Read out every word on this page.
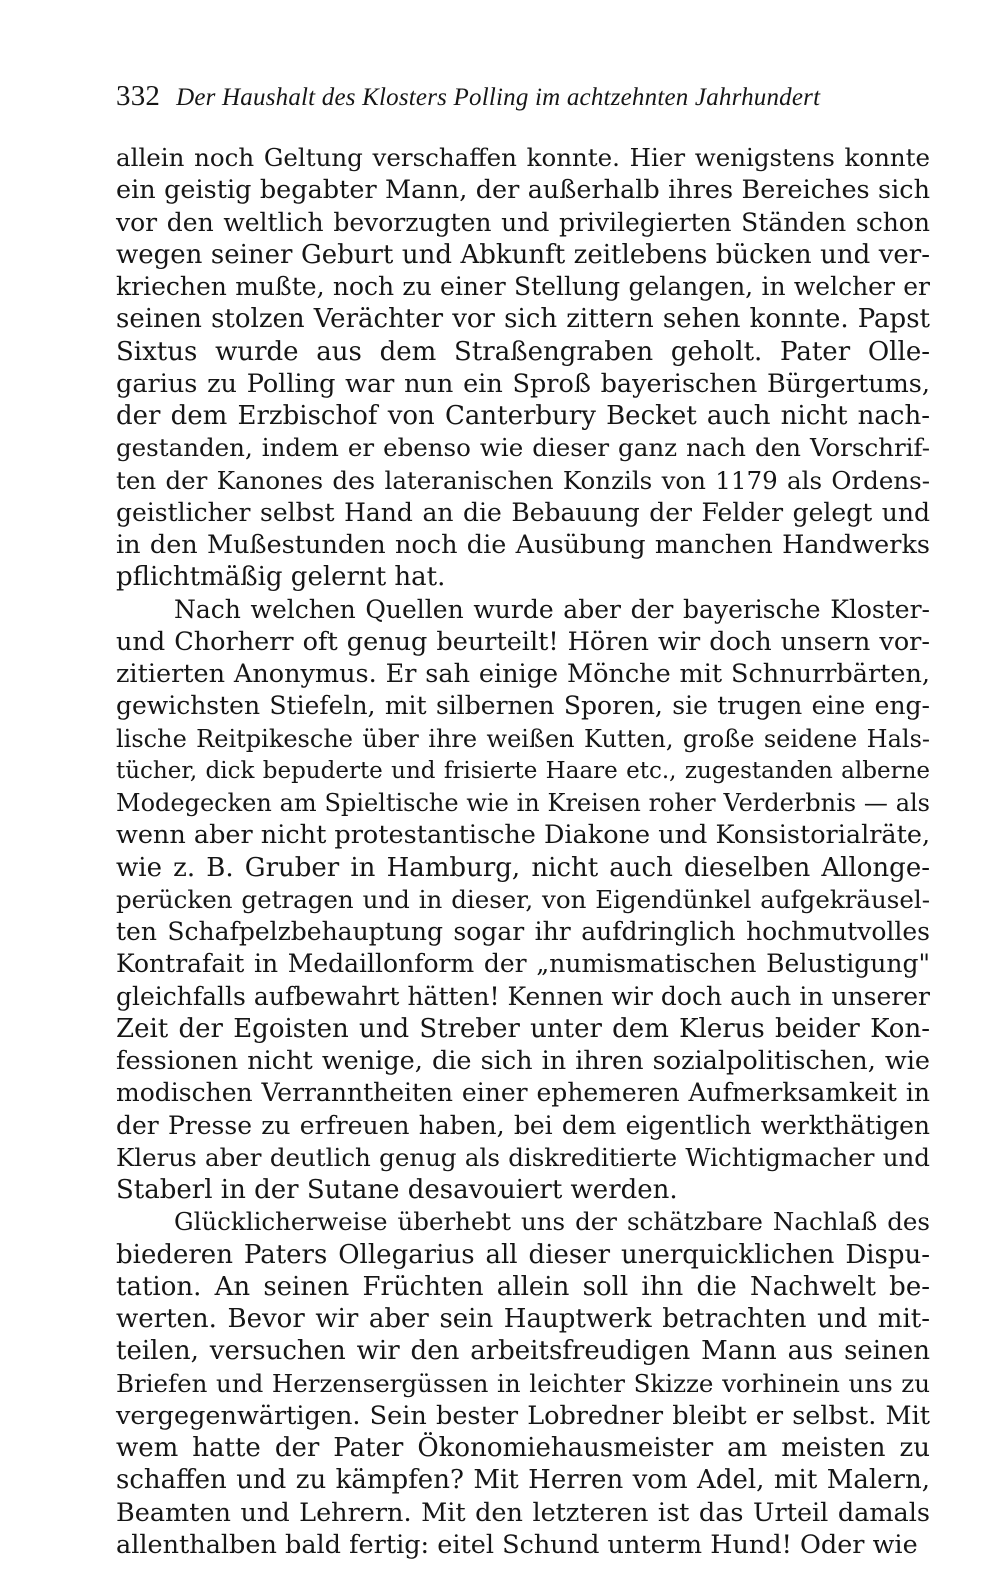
332 Der Haushalt des Klosters Polling im achtzehnten Jahrhundert
allein noch Geltung verschaffen konnte. Hier wenigstens konnte
ein geistig begabter Mann, der außerhalb ihres Bereiches sich
vor den weltlich bevorzugten und privilegierten Ständen schon
wegen seiner Geburt und Abkunft zeitlebens bücken und ver-
kriechen mußte, noch zu einer Stellung gelangen, in welcher er
seinen stolzen Verächter vor sich zittern sehen konnte. Papst
Sixtus wurde aus dem Straßengraben geholt. Pater Olle-
garius zu Polling war nun ein Sproß bayerischen Bürgertums,
der dem Erzbischof von Canterbury Becket auch nicht nach-
gestanden, indem er ebenso wie dieser ganz nach den Vorschrif-
ten der Kanones des lateranischen Konzils von 1179 als Ordens-
geistlicher selbst Hand an die Bebauung der Felder gelegt und
in den Mußestunden noch die Ausübung manchen Handwerks
pflichtmäßig gelernt hat.
Nach welchen Quellen wurde aber der bayerische Kloster-
und Chorherr oft genug beurteilt! Hören wir doch unsern vor-
zitierten Anonymus. Er sah einige Mönche mit Schnurrbärten,
gewichsten Stiefeln, mit silbernen Sporen, sie trugen eine eng-
lische Reitpikesche über ihre weißen Kutten, große seidene Hals-
tücher, dick bepuderte und frisierte Haare etc., zugestanden alberne
Modegecken am Spieltische wie in Kreisen roher Verderbnis — als
wenn aber nicht protestantische Diakone und Konsistorialräte,
wie z. B. Gruber in Hamburg, nicht auch dieselben Allonge-
perücken getragen und in dieser, von Eigendünkel aufgekräusel-
ten Schafpelzbehauptung sogar ihr aufdringlich hochmutvolles
Kontrafait in Medaillonform der „numismatischen Belustigung"
gleichfalls aufbewahrt hätten! Kennen wir doch auch in unserer
Zeit der Egoisten und Streber unter dem Klerus beider Kon-
fessionen nicht wenige, die sich in ihren sozialpolitischen, wie
modischen Verranntheiten einer ephemeren Aufmerksamkeit in
der Presse zu erfreuen haben, bei dem eigentlich werkthätigen
Klerus aber deutlich genug als diskreditierte Wichtigmacher und
Staberl in der Sutane desavouiert werden.
Glücklicherweise überhebt uns der schätzbare Nachlaß des
biederen Paters Ollegarius all dieser unerquicklichen Dispu-
tation. An seinen Früchten allein soll ihn die Nachwelt be-
werten. Bevor wir aber sein Hauptwerk betrachten und mit-
teilen, versuchen wir den arbeitsfreudigen Mann aus seinen
Briefen und Herzensergüssen in leichter Skizze vorhinein uns zu
vergegenwärtigen. Sein bester Lobredner bleibt er selbst. Mit
wem hatte der Pater Ökonomiehausmeister am meisten zu
schaffen und zu kämpfen? Mit Herren vom Adel, mit Malern,
Beamten und Lehrern. Mit den letzteren ist das Urteil damals
allenthalben bald fertig: eitel Schund unterm Hund! Oder wie
